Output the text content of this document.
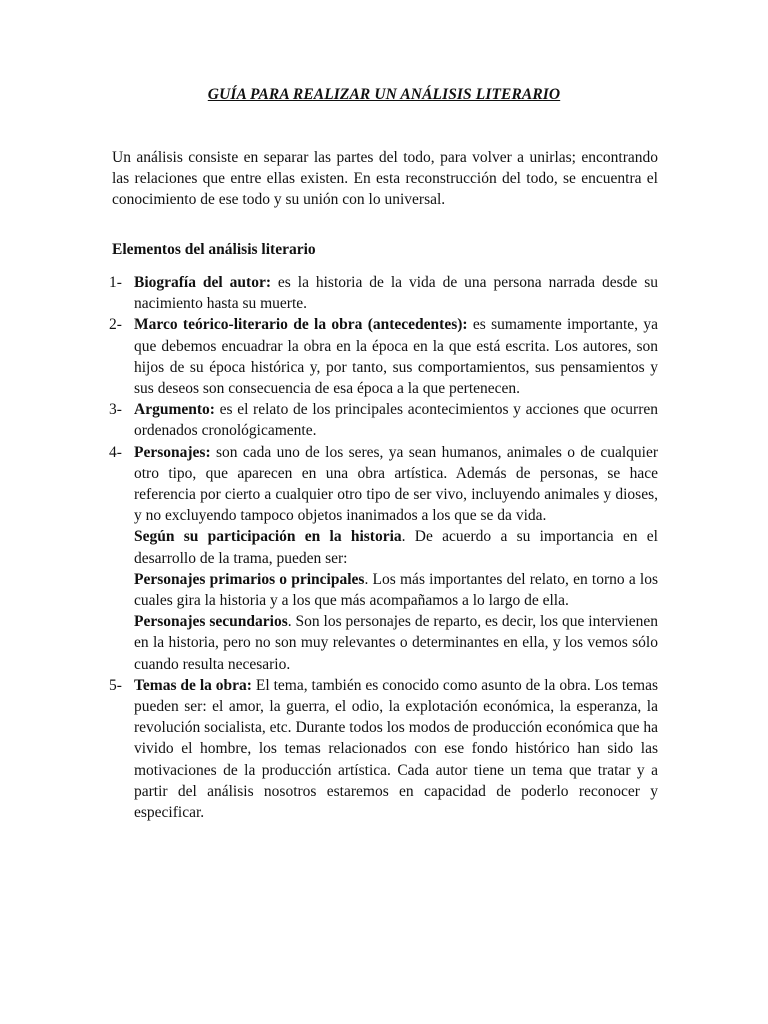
GUÍA PARA REALIZAR UN ANÁLISIS LITERARIO

Un análisis consiste en separar las partes del todo, para volver a unirlas; encontrando las relaciones que entre ellas existen. En esta reconstrucción del todo, se encuentra el conocimiento de ese todo y su unión con lo universal.

Elementos del análisis literario

1- Biografía del autor: es la historia de la vida de una persona narrada desde su nacimiento hasta su muerte.

2- Marco teórico-literario de la obra (antecedentes): es sumamente importante, ya que debemos encuadrar la obra en la época en la que está escrita. Los autores, son hijos de su época histórica y, por tanto, sus comportamientos, sus pensamientos y sus deseos son consecuencia de esa época a la que pertenecen.

3- Argumento: es el relato de los principales acontecimientos y acciones que ocurren ordenados cronológicamente.

4- Personajes: son cada uno de los seres, ya sean humanos, animales o de cualquier otro tipo, que aparecen en una obra artística. Además de personas, se hace referencia por cierto a cualquier otro tipo de ser vivo, incluyendo animales y dioses, y no excluyendo tampoco objetos inanimados a los que se da vida.

Según su participación en la historia. De acuerdo a su importancia en el desarrollo de la trama, pueden ser:

Personajes primarios o principales. Los más importantes del relato, en torno a los cuales gira la historia y a los que más acompañamos a lo largo de ella.

Personajes secundarios. Son los personajes de reparto, es decir, los que intervienen en la historia, pero no son muy relevantes o determinantes en ella, y los vemos sólo cuando resulta necesario.

5- Temas de la obra: El tema, también es conocido como asunto de la obra. Los temas pueden ser: el amor, la guerra, el odio, la explotación económica, la esperanza, la revolución socialista, etc. Durante todos los modos de producción económica que ha vivido el hombre, los temas relacionados con ese fondo histórico han sido las motivaciones de la producción artística. Cada autor tiene un tema que tratar y a partir del análisis nosotros estaremos en capacidad de poderlo reconocer y especificar.
